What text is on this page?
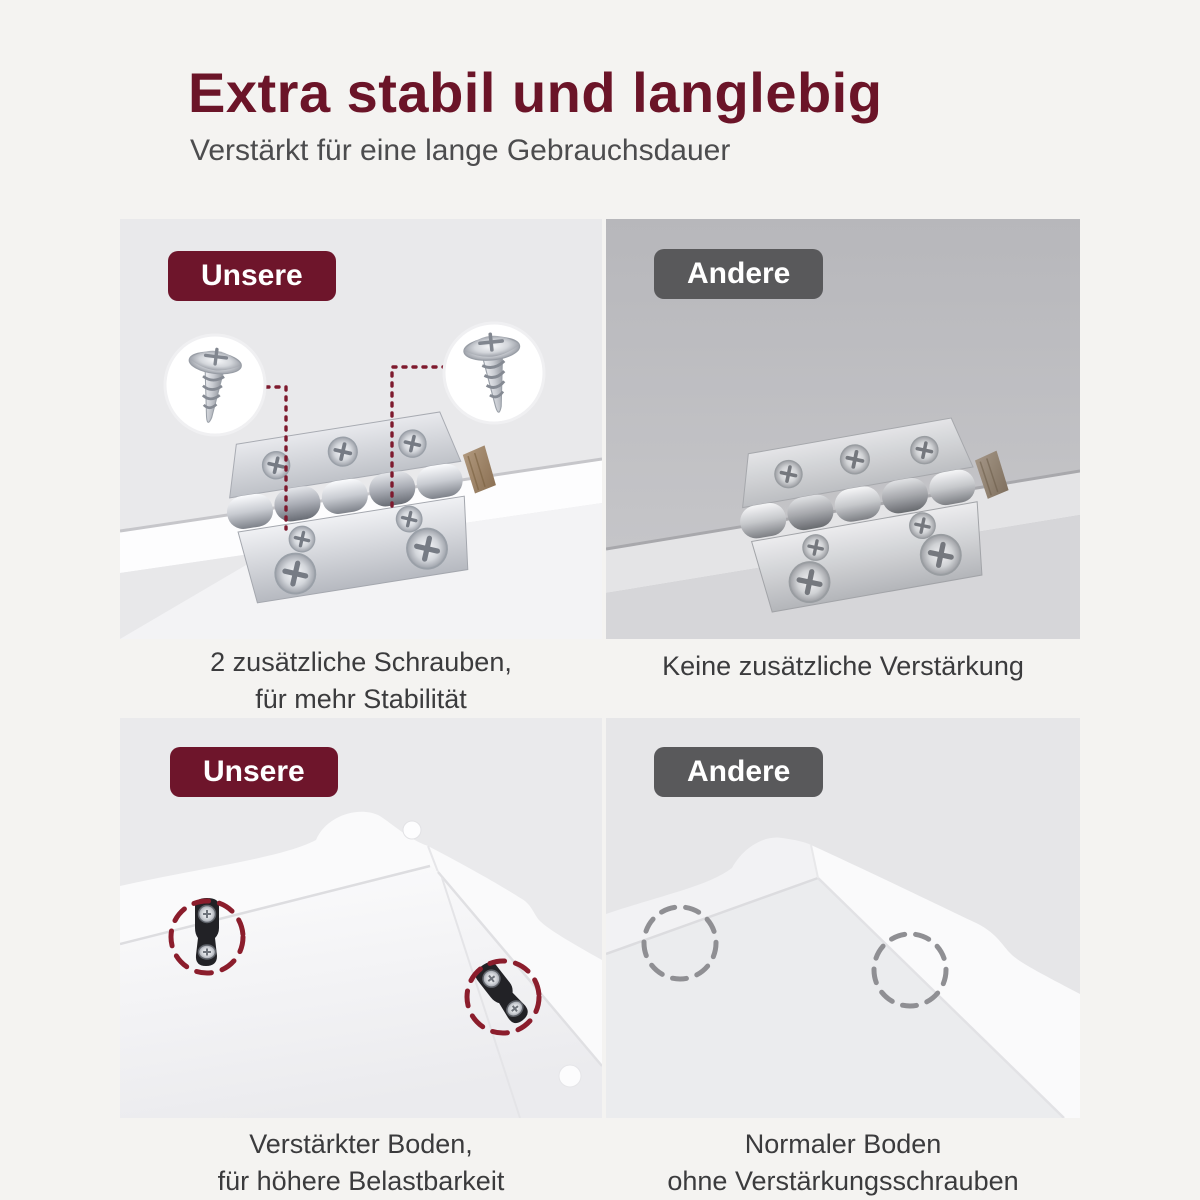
Extra stabil und langlebig
Verstärkt für eine lange Gebrauchsdauer
Unsere	Andere
Unsere	Andere
2 zusätzliche Schrauben,
für mehr Stabilität
Keine zusätzliche Verstärkung
Verstärkter Boden,
für höhere Belastbarkeit
Normaler Boden
ohne Verstärkungsschrauben
